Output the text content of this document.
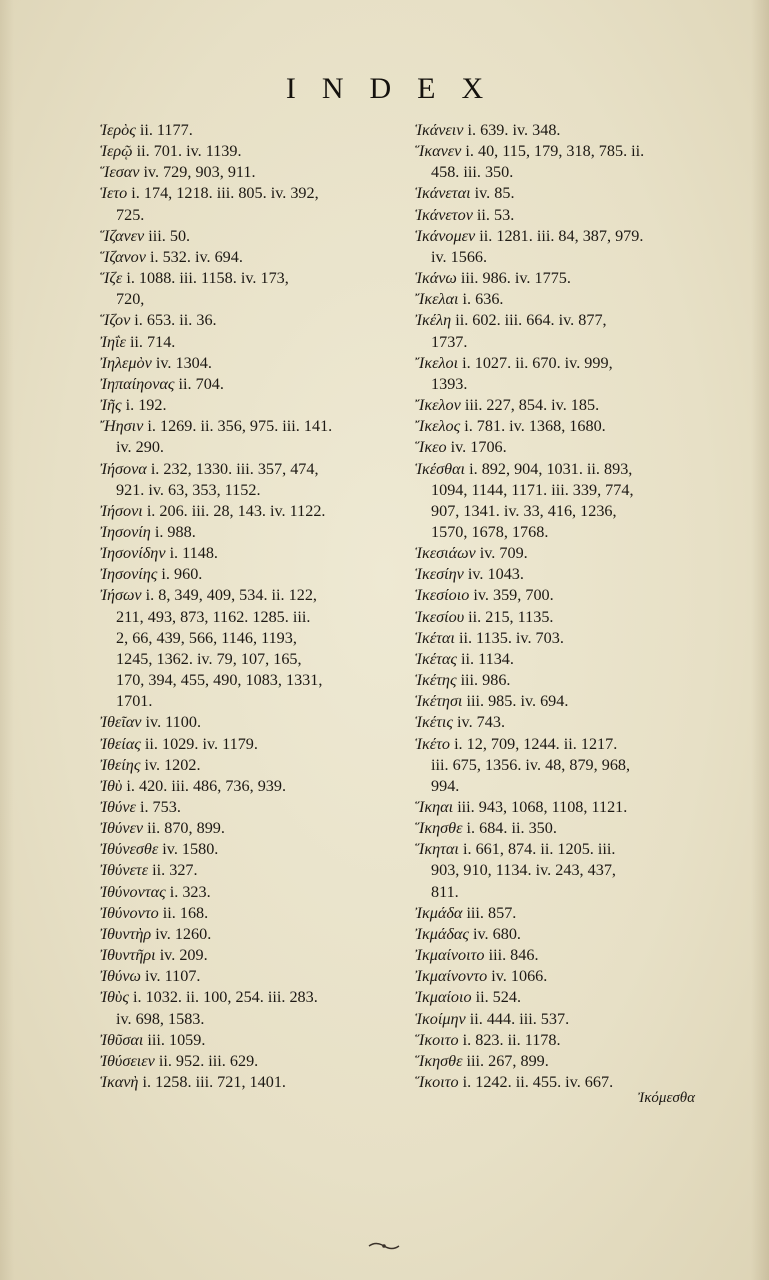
INDEX
Ἱερὸς ii. 1177.
Ἱερῷ ii. 701. iv. 1139.
Ἵεσαν iv. 729, 903, 911.
Ἱετο i. 174, 1218. iii. 805. iv. 392,
725.
Ἵζανεν iii. 50.
Ἵζανον i. 532. iv. 694.
Ἵζε i. 1088. iii. 1158. iv. 173,
720,
Ἵζον i. 653. ii. 36.
Ἰηΐε ii. 714.
Ἰηλεμὸν iv. 1304.
Ἰηπαίηονας ii. 704.
Ἰῆς i. 192.
Ἤησιν i. 1269. ii. 356, 975. iii. 141.
iv. 290.
Ἰήσονα i. 232, 1330. iii. 357, 474,
921. iv. 63, 353, 1152.
Ἰήσονι i. 206. iii. 28, 143. iv. 1122.
Ἰησονίη i. 988.
Ἰησονίδην i. 1148.
Ἰησονίης i. 960.
Ἰήσων i. 8, 349, 409, 534. ii. 122,
211, 493, 873, 1162. 1285. iii.
2, 66, 439, 566, 1146, 1193,
1245, 1362. iv. 79, 107, 165,
170, 394, 455, 490, 1083, 1331,
1701.
Ἰθεῖαν iv. 1100.
Ἰθείας ii. 1029. iv. 1179.
Ἰθείης iv. 1202.
Ἰθὺ i. 420. iii. 486, 736, 939.
Ἰθύνε i. 753.
Ἰθύνεν ii. 870, 899.
Ἰθύνεσθε iv. 1580.
Ἰθύνετε ii. 327.
Ἰθύνοντας i. 323.
Ἰθύνοντο ii. 168.
Ἰθυντὴρ iv. 1260.
Ἰθυντῆρι iv. 209.
Ἰθύνω iv. 1107.
Ἰθὺς i. 1032. ii. 100, 254. iii. 283.
iv. 698, 1583.
Ἰθῦσαι iii. 1059.
Ἰθύσειεν ii. 952. iii. 629.
Ἱκανὴ i. 1258. iii. 721, 1401.
Ἱκάνειν i. 639. iv. 348.
Ἵκανεν i. 40, 115, 179, 318, 785. ii.
458. iii. 350.
Ἱκάνεται iv. 85.
Ἱκάνετον ii. 53.
Ἱκάνομεν ii. 1281. iii. 84, 387, 979.
iv. 1566.
Ἱκάνω iii. 986. iv. 1775.
Ἴκελαι i. 636.
Ἰκέλη ii. 602. iii. 664. iv. 877,
1737.
Ἴκελοι i. 1027. ii. 670. iv. 999,
1393.
Ἴκελον iii. 227, 854. iv. 185.
Ἴκελος i. 781. iv. 1368, 1680.
Ἵκεο iv. 1706.
Ἱκέσθαι i. 892, 904, 1031. ii. 893,
1094, 1144, 1171. iii. 339, 774,
907, 1341. iv. 33, 416, 1236,
1570, 1678, 1768.
Ἱκεσιάων iv. 709.
Ἱκεσίην iv. 1043.
Ἱκεσίοιο iv. 359, 700.
Ἱκεσίου ii. 215, 1135.
Ἱκέται ii. 1135. iv. 703.
Ἱκέτας ii. 1134.
Ἱκέτης iii. 986.
Ἱκέτησι iii. 985. iv. 694.
Ἱκέτις iv. 743.
Ἱκέτο i. 12, 709, 1244. ii. 1217.
iii. 675, 1356. iv. 48, 879, 968,
994.
Ἵκηαι iii. 943, 1068, 1108, 1121.
Ἵκησθε i. 684. ii. 350.
Ἵκηται i. 661, 874. ii. 1205. iii.
903, 910, 1134. iv. 243, 437,
811.
Ἰκμάδα iii. 857.
Ἰκμάδας iv. 680.
Ἰκμαίνοιτο iii. 846.
Ἰκμαίνοντο iv. 1066.
Ἰκμαίοιο ii. 524.
Ἱκοίμην ii. 444. iii. 537.
Ἵκοιτο i. 823. ii. 1178.
Ἵκησθε iii. 267, 899.
Ἵκοιτο i. 1242. ii. 455. iv. 667.
Ἰκόμεσθα
